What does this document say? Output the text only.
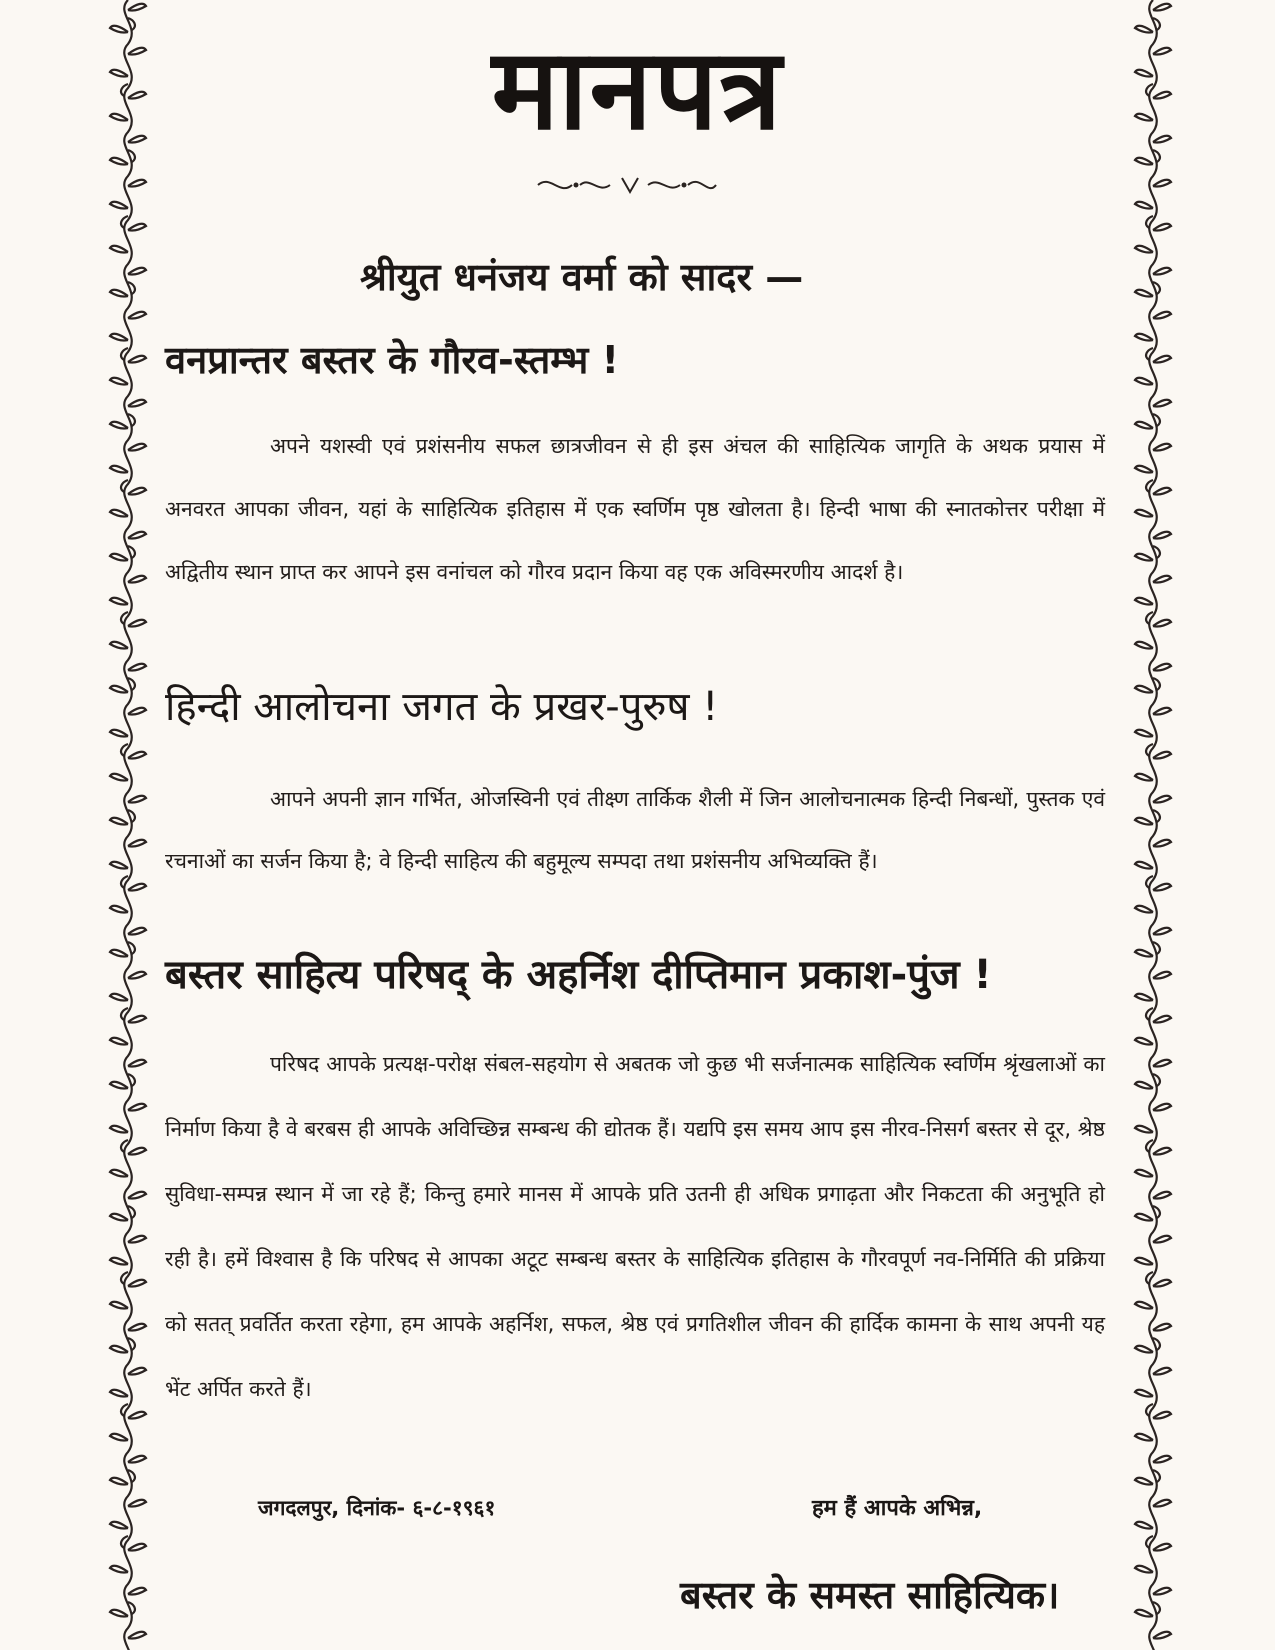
मानपत्र
श्रीयुत धनंजय वर्मा को सादर —
वनप्रान्तर बस्तर के गौरव-स्तम्भ !

अपने यशस्वी एवं प्रशंसनीय सफल छात्रजीवन से ही इस अंचल की साहित्यिक जागृति के अथक प्रयास में अनवरत आपका जीवन, यहां के साहित्यिक इतिहास में एक स्वर्णिम पृष्ठ खोलता है। हिन्दी भाषा की स्नातकोत्तर परीक्षा में अद्वितीय स्थान प्राप्त कर आपने इस वनांचल को गौरव प्रदान किया वह एक अविस्मरणीय आदर्श है।

हिन्दी आलोचना जगत के प्रखर-पुरुष !

आपने अपनी ज्ञान गर्भित, ओजस्विनी एवं तीक्ष्ण तार्किक शैली में जिन आलोचनात्मक हिन्दी निबन्धों, पुस्तक एवं रचनाओं का सर्जन किया है; वे हिन्दी साहित्य की बहुमूल्य सम्पदा तथा प्रशंसनीय अभिव्यक्ति हैं।

बस्तर साहित्य परिषद् के अहर्निश दीप्तिमान प्रकाश-पुंज !

परिषद आपके प्रत्यक्ष-परोक्ष संबल-सहयोग से अबतक जो कुछ भी सर्जनात्मक साहित्यिक स्वर्णिम श्रृंखलाओं का निर्माण किया है वे बरबस ही आपके अविच्छिन्न सम्बन्ध की द्योतक हैं। यद्यपि इस समय आप इस नीरव-निसर्ग बस्तर से दूर, श्रेष्ठ सुविधा-सम्पन्न स्थान में जा रहे हैं; किन्तु हमारे मानस में आपके प्रति उतनी ही अधिक प्रगाढ़ता और निकटता की अनुभूति हो रही है। हमें विश्वास है कि परिषद से आपका अटूट सम्बन्ध बस्तर के साहित्यिक इतिहास के गौरवपूर्ण नव-निर्मिति की प्रक्रिया को सतत् प्रवर्तित करता रहेगा, हम आपके अहर्निश, सफल, श्रेष्ठ एवं प्रगतिशील जीवन की हार्दिक कामना के साथ अपनी यह भेंट अर्पित करते हैं।

जगदलपुर, दिनांक- ६-८-१९६१	हम हैं आपके अभिन्न,
बस्तर के समस्त साहित्यिक।
